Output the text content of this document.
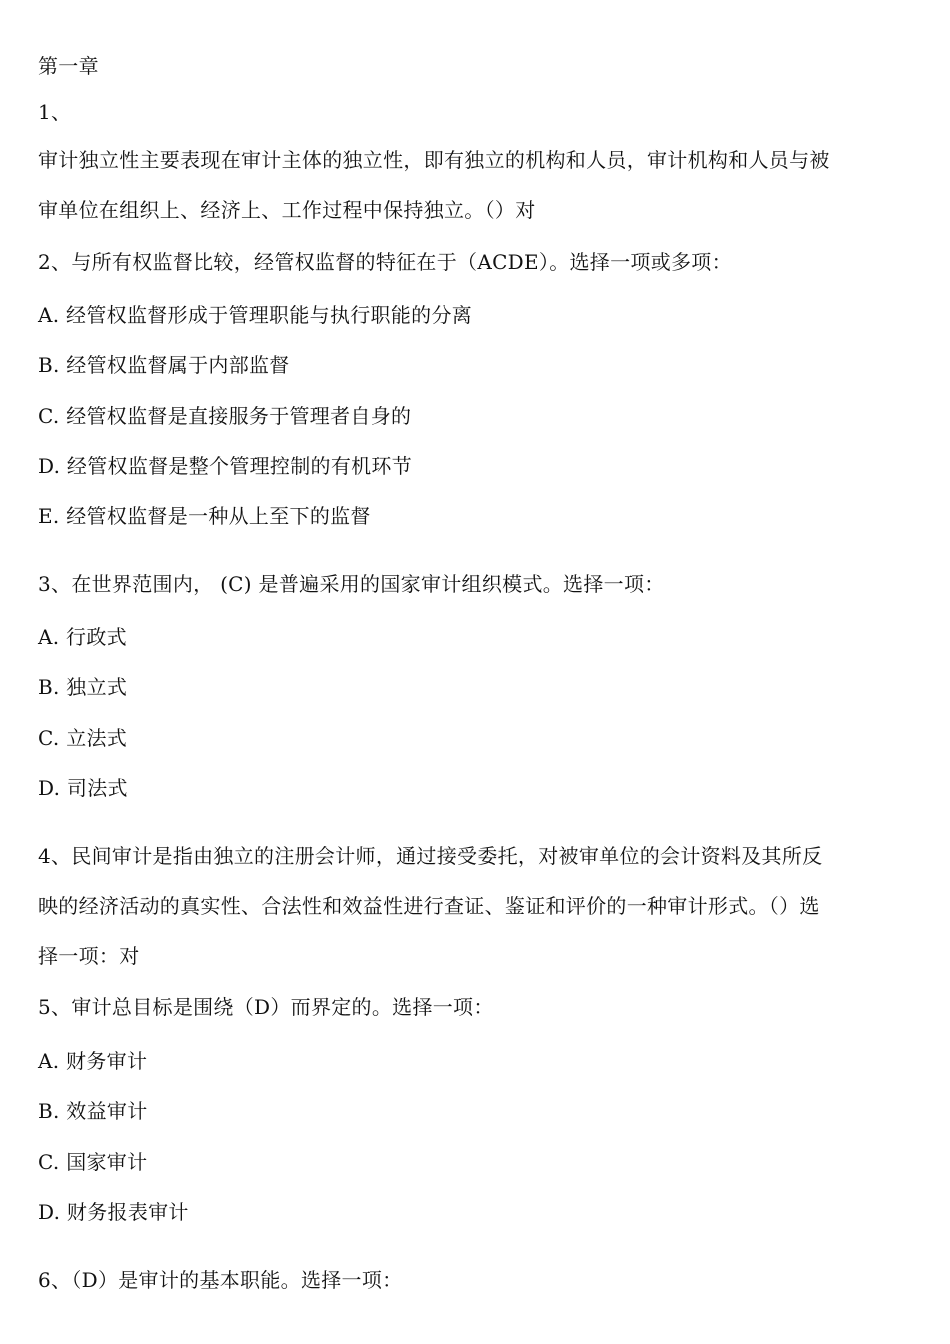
第一章
1、
审计独立性主要表现在审计主体的独立性，即有独立的机构和人员，审计机构和人员与被
审单位在组织上、经济上、工作过程中保持独立。（）对
2、与所有权监督比较，经管权监督的特征在于（ACDE）。选择一项或多项：
A. 经管权监督形成于管理职能与执行职能的分离
B. 经管权监督属于内部监督
C. 经管权监督是直接服务于管理者自身的
D. 经管权监督是整个管理控制的有机环节
E. 经管权监督是一种从上至下的监督
3、在世界范围内， (C) 是普遍采用的国家审计组织模式。选择一项：
A. 行政式
B. 独立式
C. 立法式
D. 司法式
4、民间审计是指由独立的注册会计师，通过接受委托，对被审单位的会计资料及其所反
映的经济活动的真实性、合法性和效益性进行查证、鉴证和评价的一种审计形式。（）选
择一项：对
5、审计总目标是围绕（D）而界定的。选择一项：
A. 财务审计
B. 效益审计
C. 国家审计
D. 财务报表审计
6、（D）是审计的基本职能。选择一项：
